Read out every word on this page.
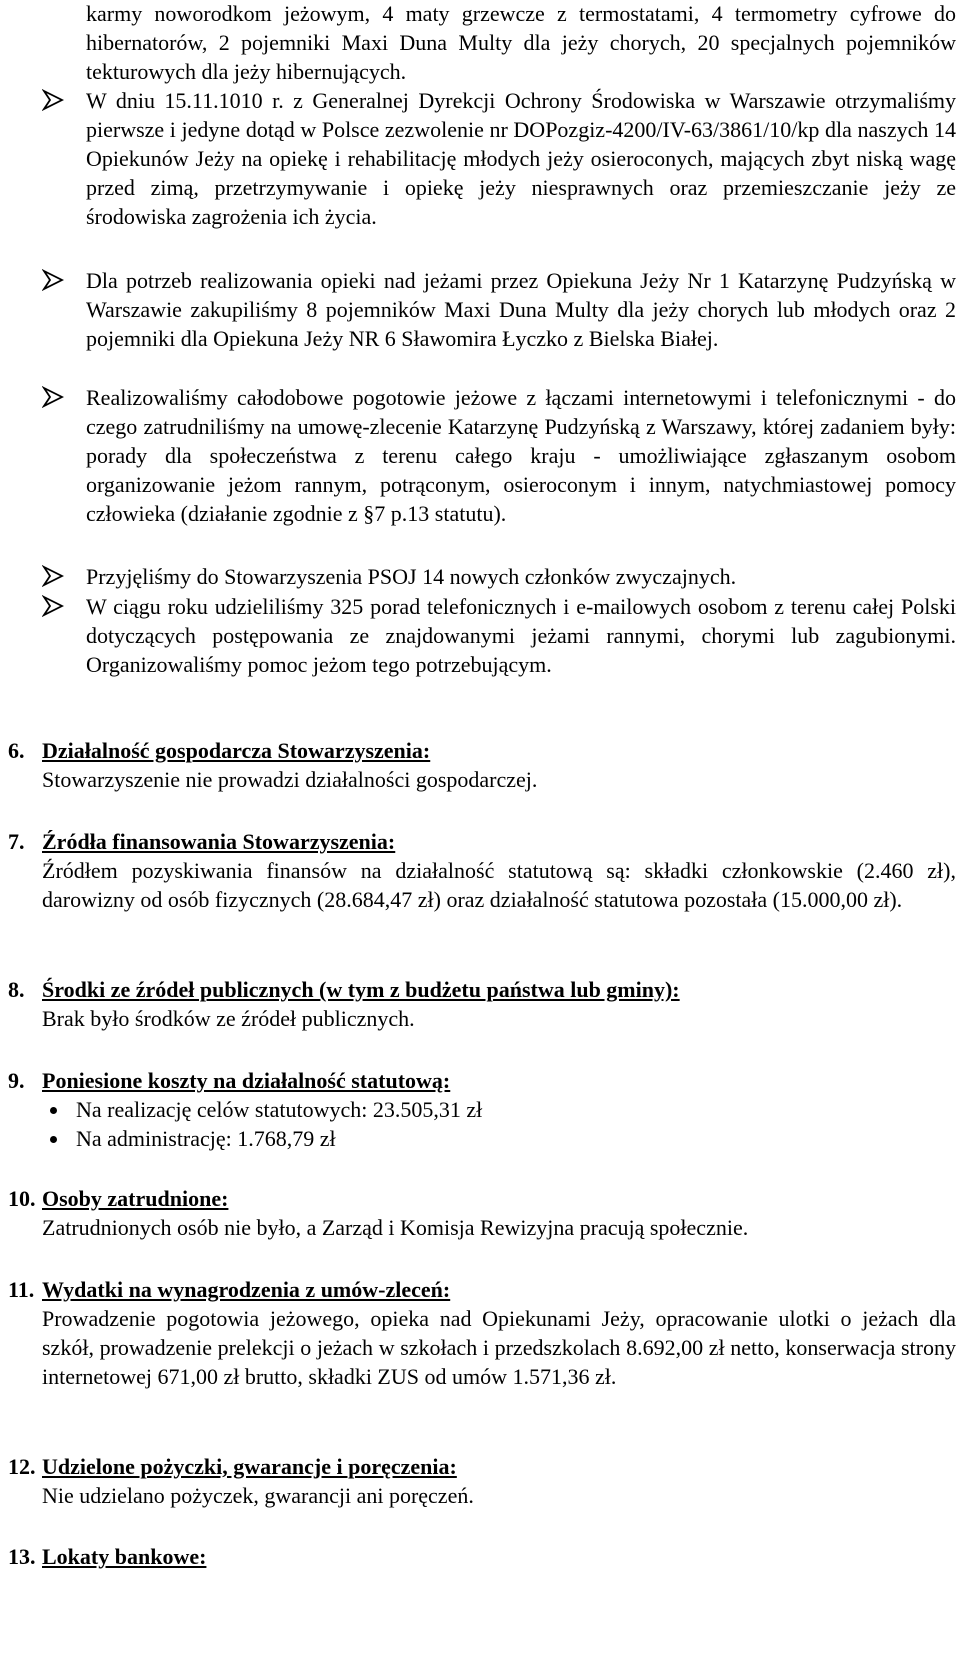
karmy noworodkom jeżowym, 4 maty grzewcze z termostatami, 4 termometry cyfrowe do hibernatorów, 2 pojemniki Maxi Duna Multy dla jeży chorych, 20 specjalnych pojemników tekturowych dla jeży hibernujących.
W dniu 15.11.1010 r. z Generalnej Dyrekcji Ochrony Środowiska w Warszawie otrzymaliśmy pierwsze i jedyne dotąd w Polsce zezwolenie nr DOPozgiz-4200/IV-63/3861/10/kp dla naszych 14 Opiekunów Jeży na opiekę i rehabilitację młodych jeży osieroconych, mających zbyt niską wagę przed zimą, przetrzymywanie i opiekę jeży niesprawnych oraz przemieszczanie jeży ze środowiska zagrożenia ich życia.
Dla potrzeb realizowania opieki nad jeżami przez Opiekuna Jeży Nr 1 Katarzynę Pudzyńską w Warszawie zakupiliśmy 8 pojemników Maxi Duna Multy dla jeży chorych lub młodych oraz 2 pojemniki dla Opiekuna Jeży NR 6 Sławomira Łyczko z Bielska Białej.
Realizowaliśmy całodobowe pogotowie jeżowe z łączami internetowymi i telefonicznymi - do czego zatrudniliśmy na umowę-zlecenie Katarzynę Pudzyńską z Warszawy, której zadaniem były: porady dla społeczeństwa z terenu całego kraju - umożliwiające zgłaszanym osobom organizowanie jeżom rannym, potrąconym, osieroconym i innym, natychmiastowej pomocy człowieka (działanie zgodnie z §7 p.13 statutu).
Przyjęliśmy do Stowarzyszenia PSOJ 14 nowych członków zwyczajnych.
W ciągu roku udzieliliśmy 325 porad telefonicznych i e-mailowych osobom z terenu całej Polski dotyczących postępowania ze znajdowanymi jeżami rannymi, chorymi lub zagubionymi. Organizowaliśmy pomoc jeżom tego potrzebującym.
6. Działalność gospodarcza Stowarzyszenia:
Stowarzyszenie nie prowadzi działalności gospodarczej.
7. Źródła finansowania Stowarzyszenia:
Źródłem pozyskiwania finansów na działalność statutową są: składki członkowskie (2.460 zł), darowizny od osób fizycznych (28.684,47 zł) oraz działalność statutowa pozostała (15.000,00 zł).
8. Środki ze źródeł publicznych (w tym z budżetu państwa lub gminy):
Brak było środków ze źródeł publicznych.
9. Poniesione koszty na działalność statutową:
Na realizację celów statutowych: 23.505,31 zł
Na administrację: 1.768,79 zł
10. Osoby zatrudnione:
Zatrudnionych osób nie było, a Zarząd i Komisja Rewizyjna pracują społecznie.
11. Wydatki na wynagrodzenia z umów-zleceń:
Prowadzenie pogotowia jeżowego, opieka nad Opiekunami Jeży, opracowanie ulotki o jeżach dla szkół, prowadzenie prelekcji o jeżach w szkołach i przedszkolach 8.692,00 zł netto, konserwacja strony internetowej 671,00 zł brutto, składki ZUS od umów 1.571,36 zł.
12. Udzielone pożyczki, gwarancje i poręczenia:
Nie udzielano pożyczek, gwarancji ani poręczeń.
13. Lokaty bankowe:
